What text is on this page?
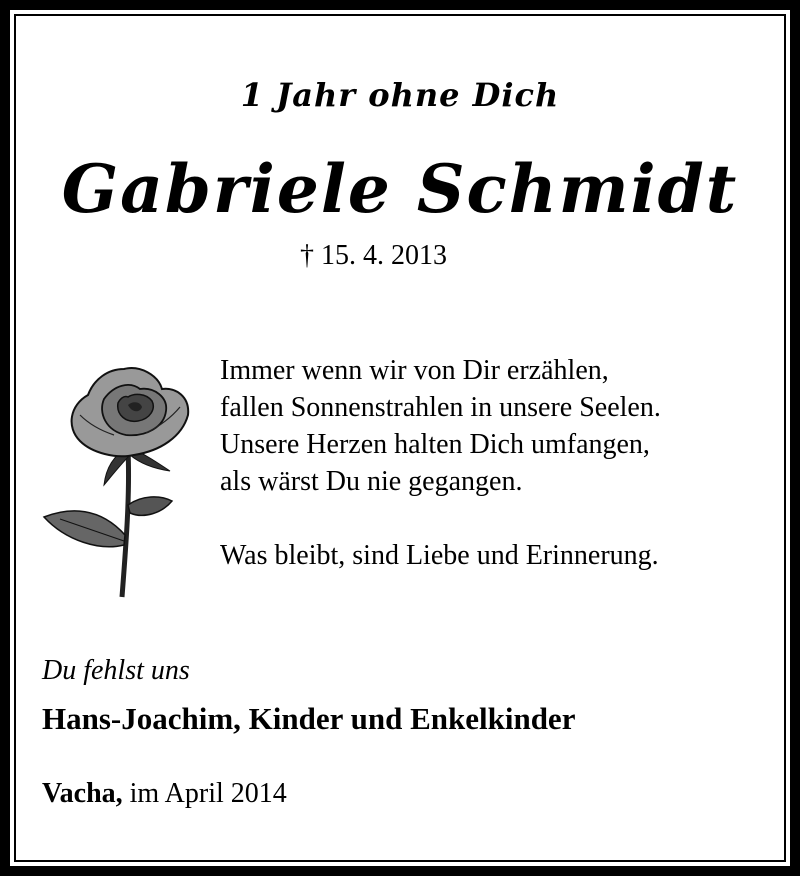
1 Jahr ohne Dich
Gabriele Schmidt
† 15. 4. 2013

Immer wenn wir von Dir erzählen,

fallen Sonnenstrahlen in unsere Seelen.

Unsere Herzen halten Dich umfangen,

als wärst Du nie gegangen.

Was bleibt, sind Liebe und Erinnerung.

Du fehlst uns
Hans-Joachim, Kinder und Enkelkinder
Vacha, im April 2014
